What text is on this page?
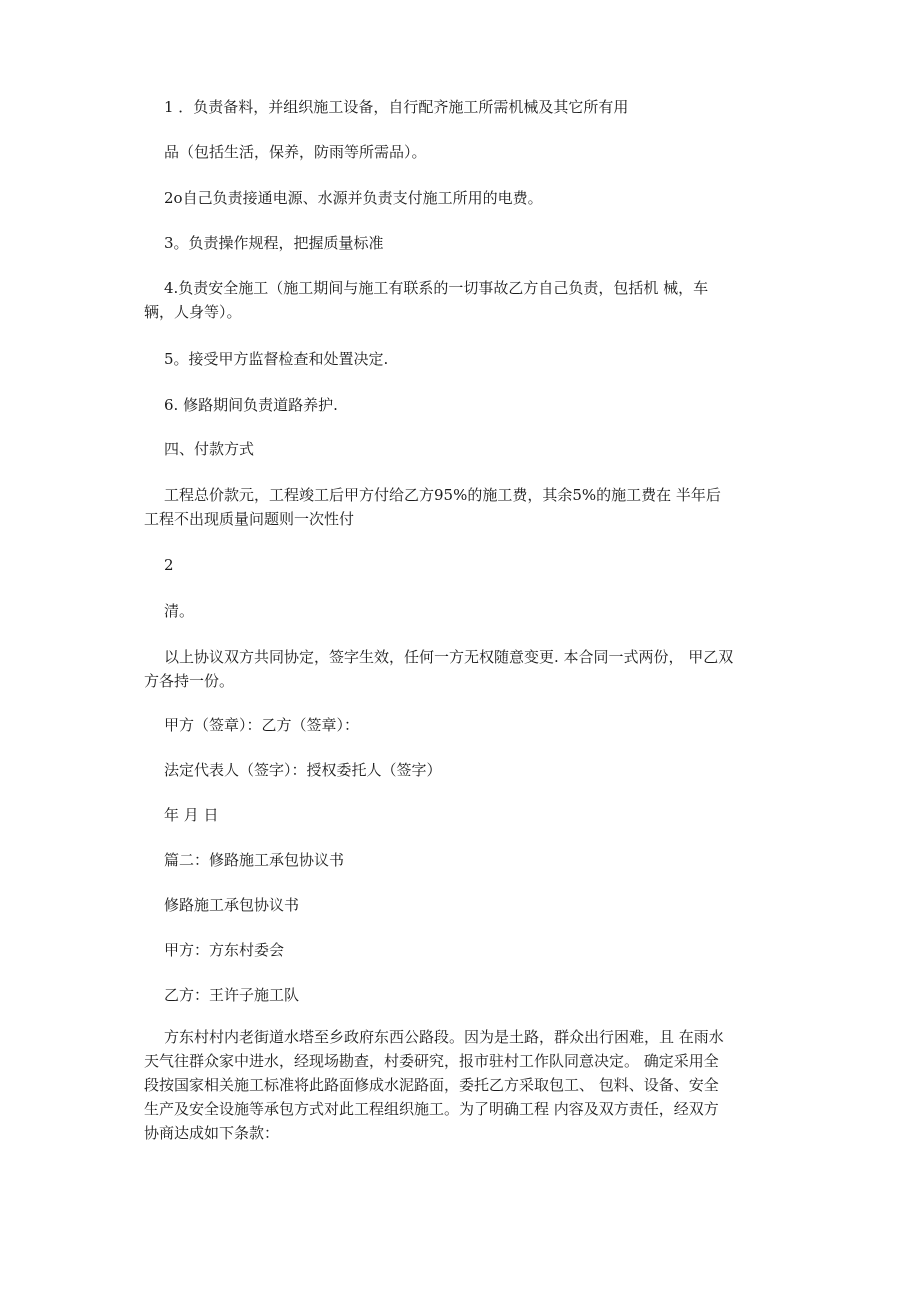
1 ．负责备料，并组织施工设备，自行配齐施工所需机械及其它所有用
品（包括生活，保养，防雨等所需品）。
2o自己负责接通电源、水源并负责支付施工所用的电费。
3。负责操作规程，把握质量标准
4.负责安全施工（施工期间与施工有联系的一切事故乙方自己负责，包括机 械，车
辆，人身等）。
5。接受甲方监督检查和处置决定.
6. 修路期间负责道路养护.
四、付款方式
工程总价款元，工程竣工后甲方付给乙方95%的施工费，其余5%的施工费在 半年后
工程不出现质量问题则一次性付
2
清。
以上协议双方共同协定，签字生效，任何一方无权随意变更. 本合同一式两份， 甲乙双
方各持一份。
甲方（签章）：乙方（签章）：
法定代表人（签字）：授权委托人（签字）
年 月 日
篇二：修路施工承包协议书
修路施工承包协议书
甲方：方东村委会
乙方：王许子施工队
方东村村内老街道水塔至乡政府东西公路段。因为是土路，群众出行困难，且 在雨水
天气往群众家中进水，经现场勘查，村委研究，报市驻村工作队同意决定。 确定采用全
段按国家相关施工标准将此路面修成水泥路面，委托乙方采取包工、 包料、设备、安全
生产及安全设施等承包方式对此工程组织施工。为了明确工程 内容及双方责任，经双方
协商达成如下条款：
